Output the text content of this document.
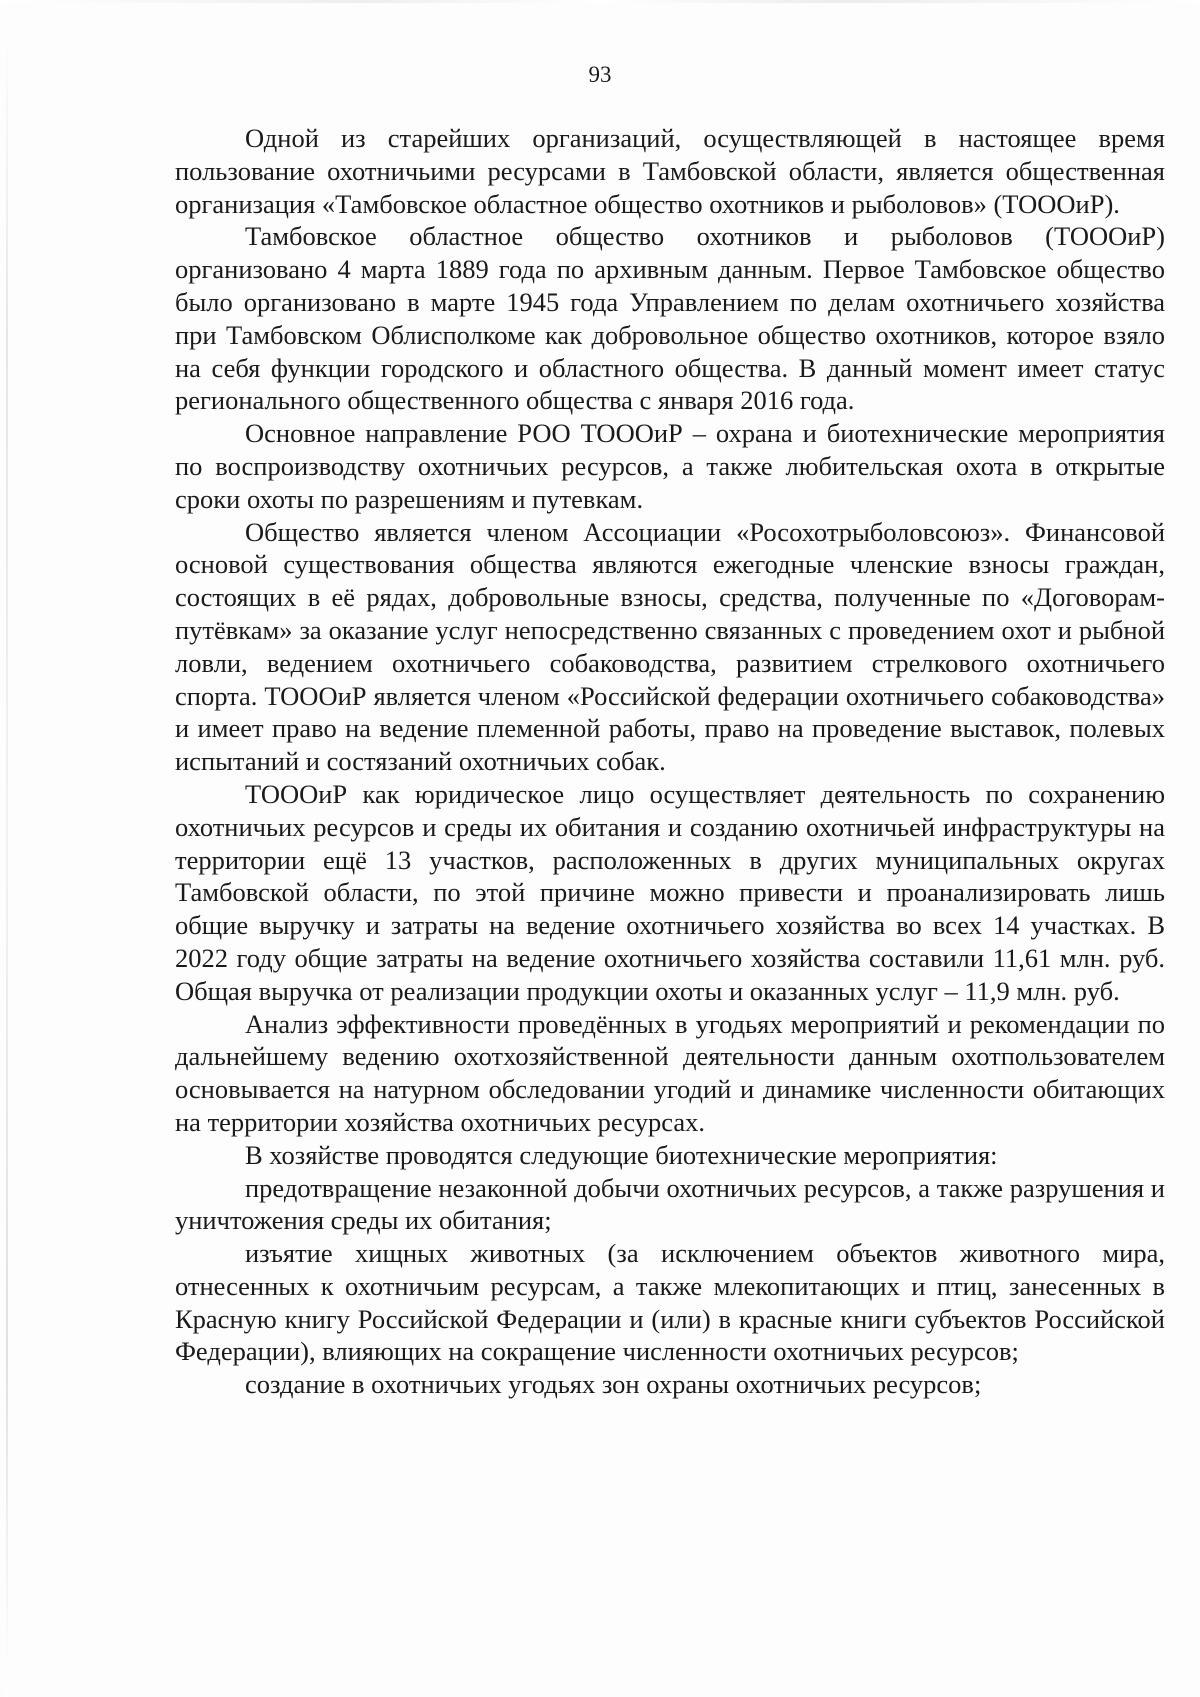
93

Одной из старейших организаций, осуществляющей в настоящее время пользование охотничьими ресурсами в Тамбовской области, является общественная организация «Тамбовское областное общество охотников и рыболовов» (ТОООиР).

Тамбовское областное общество охотников и рыболовов (ТОООиР) организовано 4 марта 1889 года по архивным данным. Первое Тамбовское общество было организовано в марте 1945 года Управлением по делам охотничьего хозяйства при Тамбовском Облисполкоме как добровольное общество охотников, которое взяло на себя функции городского и областного общества. В данный момент имеет статус регионального общественного общества с января 2016 года.

Основное направление РОО ТОООиР – охрана и биотехнические мероприятия по воспроизводству охотничьих ресурсов, а также любительская охота в открытые сроки охоты по разрешениям и путевкам.

Общество является членом Ассоциации «Росохотрыболовсоюз». Финансовой основой существования общества являются ежегодные членские взносы граждан, состоящих в её рядах, добровольные взносы, средства, полученные по «Договорам-путёвкам» за оказание услуг непосредственно связанных с проведением охот и рыбной ловли, ведением охотничьего собаководства, развитием стрелкового охотничьего спорта. ТОООиР является членом «Российской федерации охотничьего собаководства» и имеет право на ведение племенной работы, право на проведение выставок, полевых испытаний и состязаний охотничьих собак.

ТОООиР как юридическое лицо осуществляет деятельность по сохранению охотничьих ресурсов и среды их обитания и созданию охотничьей инфраструктуры на территории ещё 13 участков, расположенных в других муниципальных округах Тамбовской области, по этой причине можно привести и проанализировать лишь общие выручку и затраты на ведение охотничьего хозяйства во всех 14 участках. В 2022 году общие затраты на ведение охотничьего хозяйства составили 11,61 млн. руб. Общая выручка от реализации продукции охоты и оказанных услуг – 11,9 млн. руб.

Анализ эффективности проведённых в угодьях мероприятий и рекомендации по дальнейшему ведению охотхозяйственной деятельности данным охотпользователем основывается на натурном обследовании угодий и динамике численности обитающих на территории хозяйства охотничьих ресурсах.

В хозяйстве проводятся следующие биотехнические мероприятия:

предотвращение незаконной добычи охотничьих ресурсов, а также разрушения и уничтожения среды их обитания;

изъятие хищных животных (за исключением объектов животного мира, отнесенных к охотничьим ресурсам, а также млекопитающих и птиц, занесенных в Красную книгу Российской Федерации и (или) в красные книги субъектов Российской Федерации), влияющих на сокращение численности охотничьих ресурсов;

создание в охотничьих угодьях зон охраны охотничьих ресурсов;
